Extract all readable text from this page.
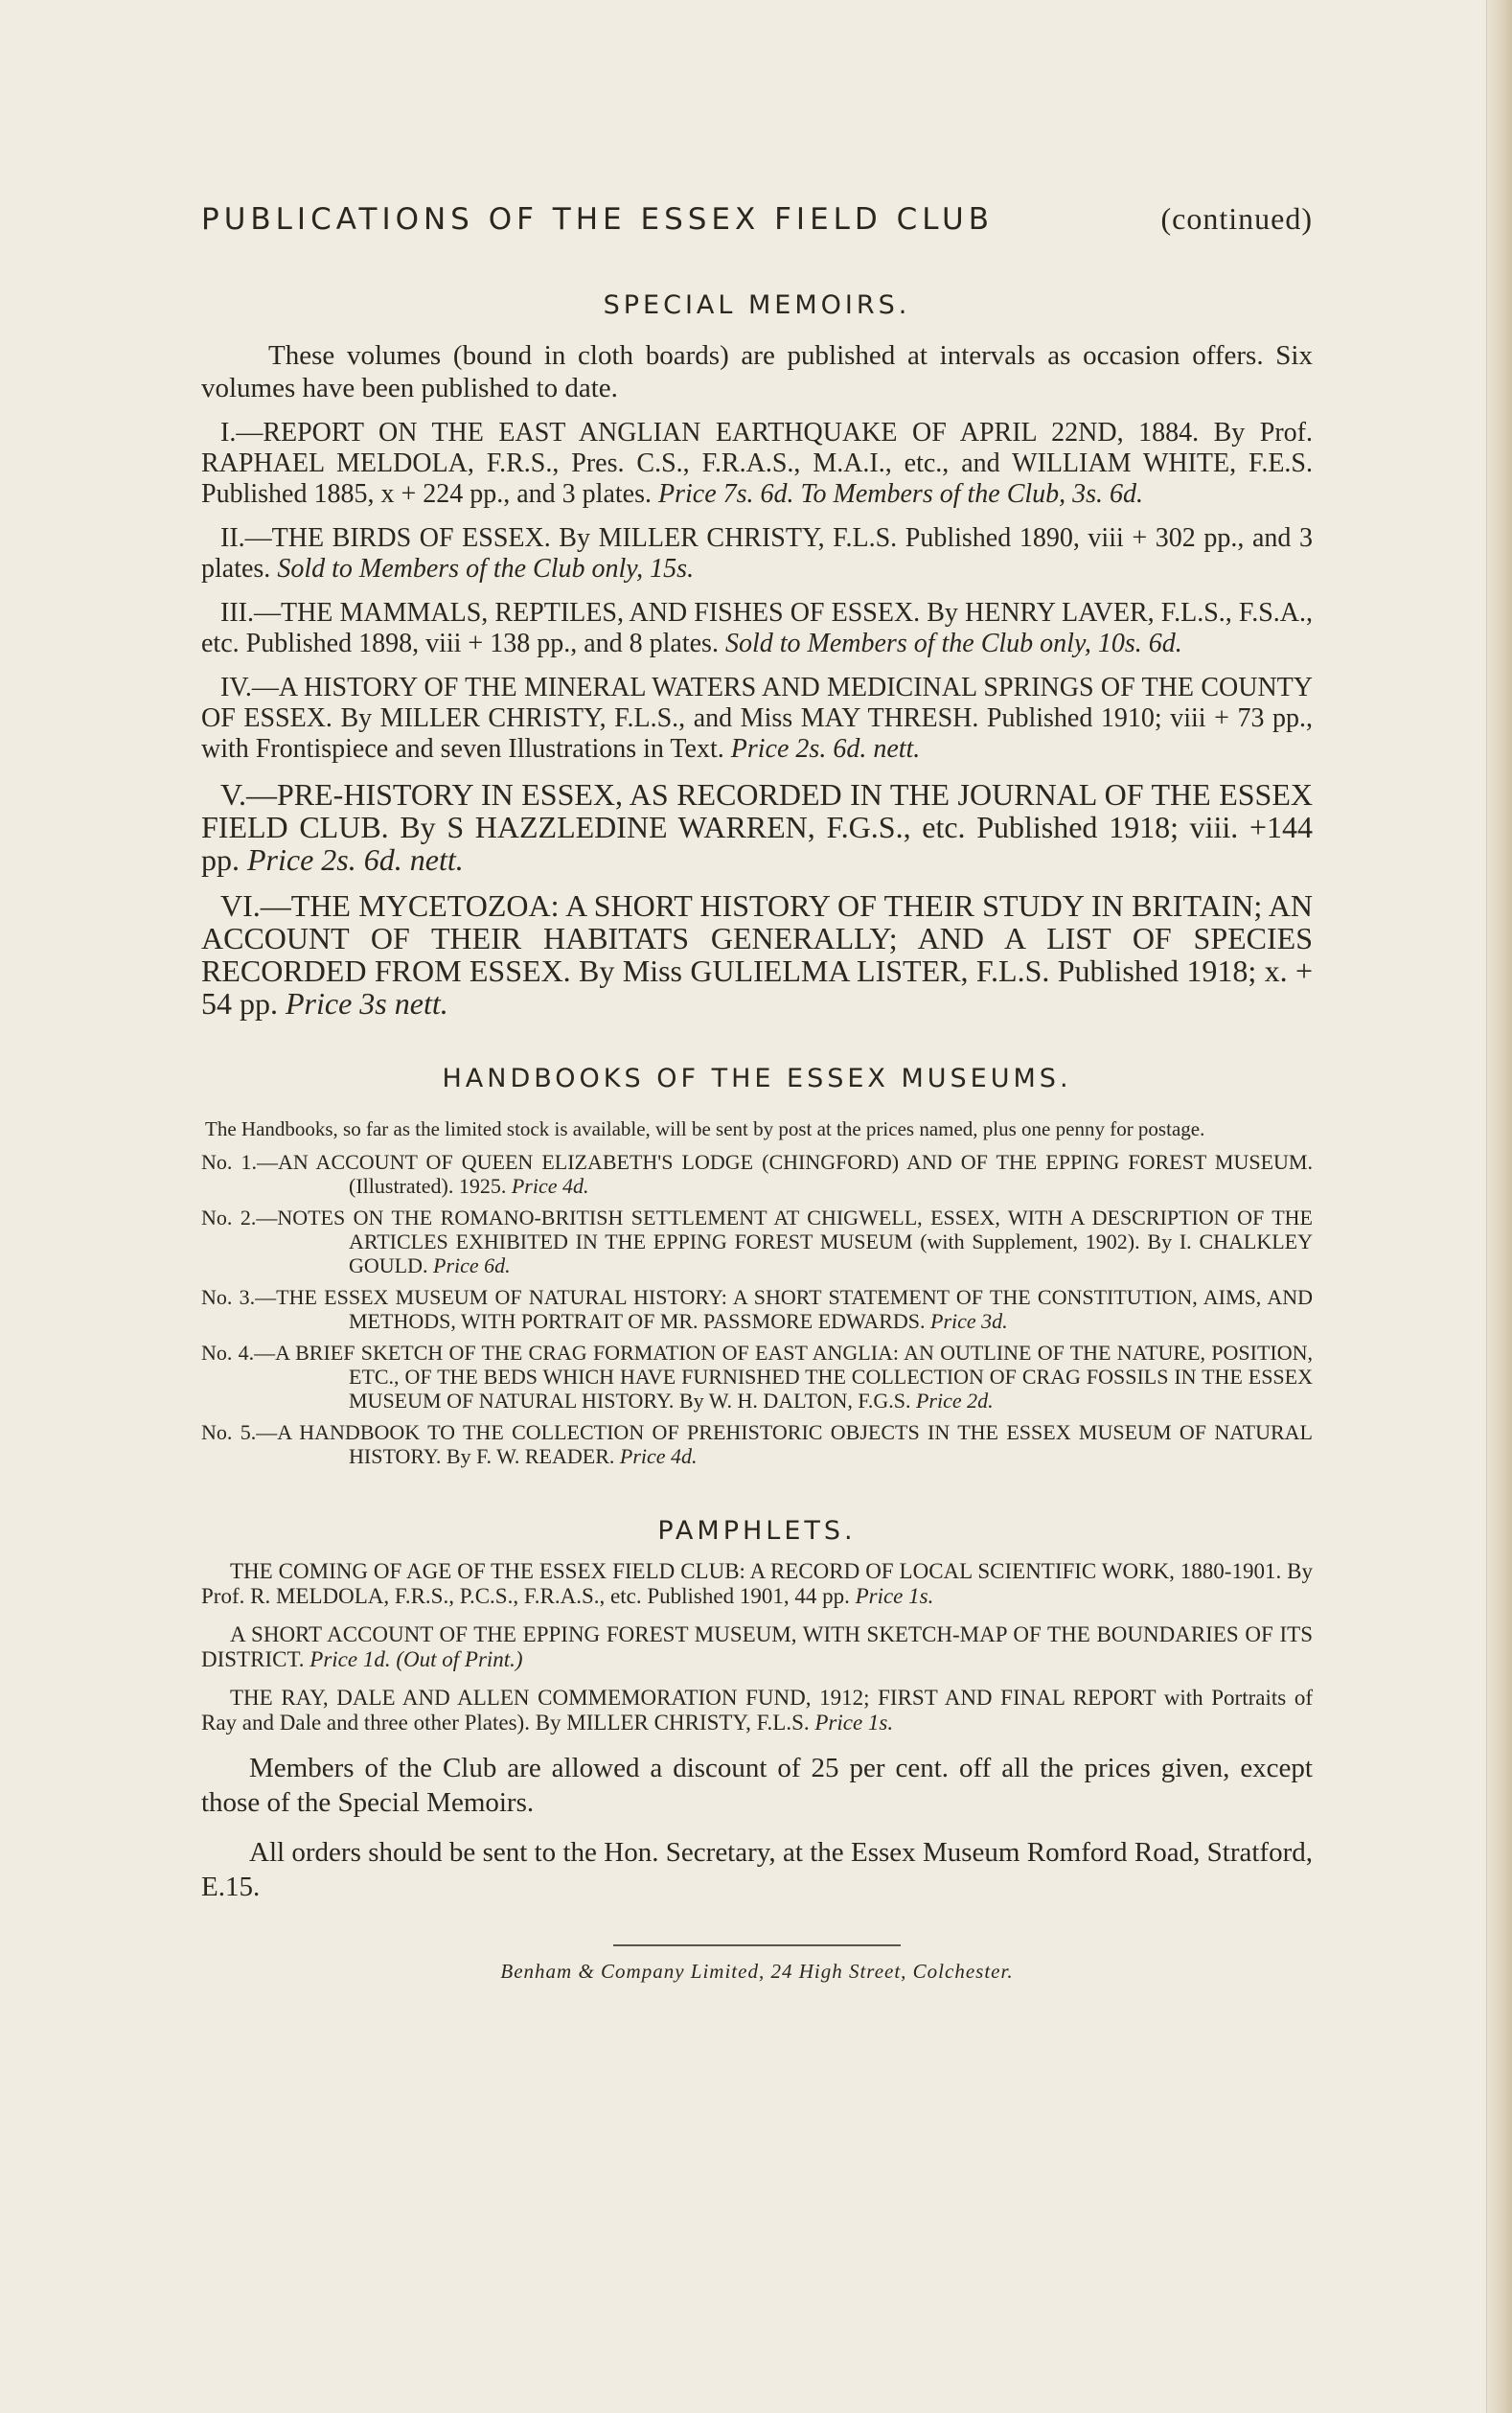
PUBLICATIONS OF THE ESSEX FIELD CLUB	(continued)
SPECIAL MEMOIRS.
These volumes (bound in cloth boards) are published at intervals as occasion offers. Six volumes have been published to date.
I.—REPORT ON THE EAST ANGLIAN EARTHQUAKE OF APRIL 22ND, 1884. By Prof. RAPHAEL MELDOLA, F.R.S., Pres. C.S., F.R.A.S., M.A.I., etc., and WILLIAM WHITE, F.E.S. Published 1885, x + 224 pp., and 3 plates. Price 7s. 6d. To Members of the Club, 3s. 6d.
II.—THE BIRDS OF ESSEX. By MILLER CHRISTY, F.L.S. Published 1890, viii + 302 pp., and 3 plates. Sold to Members of the Club only, 15s.
III.—THE MAMMALS, REPTILES, AND FISHES OF ESSEX. By HENRY LAVER, F.L.S., F.S.A., etc. Published 1898, viii + 138 pp., and 8 plates. Sold to Members of the Club only, 10s. 6d.
IV.—A HISTORY OF THE MINERAL WATERS AND MEDICINAL SPRINGS OF THE COUNTY OF ESSEX. By MILLER CHRISTY, F.L.S., and Miss MAY THRESH. Published 1910; viii + 73 pp., with Frontispiece and seven Illustrations in Text. Price 2s. 6d. nett.
V.—PRE-HISTORY IN ESSEX, AS RECORDED IN THE JOURNAL OF THE ESSEX FIELD CLUB. By S HAZZLEDINE WARREN, F.G.S., etc. Published 1918; viii. +144 pp. Price 2s. 6d. nett.
VI.—THE MYCETOZOA: A SHORT HISTORY OF THEIR STUDY IN BRITAIN; AN ACCOUNT OF THEIR HABITATS GENERALLY; AND A LIST OF SPECIES RECORDED FROM ESSEX. By Miss GULIELMA LISTER, F.L.S. Published 1918; x. + 54 pp. Price 3s nett.
HANDBOOKS OF THE ESSEX MUSEUMS.
The Handbooks, so far as the limited stock is available, will be sent by post at the prices named, plus one penny for postage.
No. 1.—AN ACCOUNT OF QUEEN ELIZABETH'S LODGE (CHINGFORD) AND OF THE EPPING FOREST MUSEUM. (Illustrated). 1925. Price 4d.
No. 2.—NOTES ON THE ROMANO-BRITISH SETTLEMENT AT CHIGWELL, ESSEX, WITH A DESCRIPTION OF THE ARTICLES EXHIBITED IN THE EPPING FOREST MUSEUM (with Supplement, 1902). By I. CHALKLEY GOULD. Price 6d.
No. 3.—THE ESSEX MUSEUM OF NATURAL HISTORY: A SHORT STATEMENT OF THE CONSTITUTION, AIMS, AND METHODS, WITH PORTRAIT OF MR. PASSMORE EDWARDS. Price 3d.
No. 4.—A BRIEF SKETCH OF THE CRAG FORMATION OF EAST ANGLIA: AN OUTLINE OF THE NATURE, POSITION, ETC., OF THE BEDS WHICH HAVE FURNISHED THE COLLECTION OF CRAG FOSSILS IN THE ESSEX MUSEUM OF NATURAL HISTORY. By W. H. DALTON, F.G.S. Price 2d.
No. 5.—A HANDBOOK TO THE COLLECTION OF PREHISTORIC OBJECTS IN THE ESSEX MUSEUM OF NATURAL HISTORY. By F. W. READER. Price 4d.
PAMPHLETS.
THE COMING OF AGE OF THE ESSEX FIELD CLUB: A RECORD OF LOCAL SCIENTIFIC WORK, 1880-1901. By Prof. R. MELDOLA, F.R.S., P.C.S., F.R.A.S., etc. Published 1901, 44 pp. Price 1s.
A SHORT ACCOUNT OF THE EPPING FOREST MUSEUM, WITH SKETCH-MAP OF THE BOUNDARIES OF ITS DISTRICT. Price 1d. (Out of Print.)
THE RAY, DALE AND ALLEN COMMEMORATION FUND, 1912; FIRST AND FINAL REPORT with Portraits of Ray and Dale and three other Plates). By MILLER CHRISTY, F.L.S. Price 1s.
Members of the Club are allowed a discount of 25 per cent. off all the prices given, except those of the Special Memoirs.
All orders should be sent to the Hon. Secretary, at the Essex Museum Romford Road, Stratford, E.15.
Benham & Company Limited, 24 High Street, Colchester.
